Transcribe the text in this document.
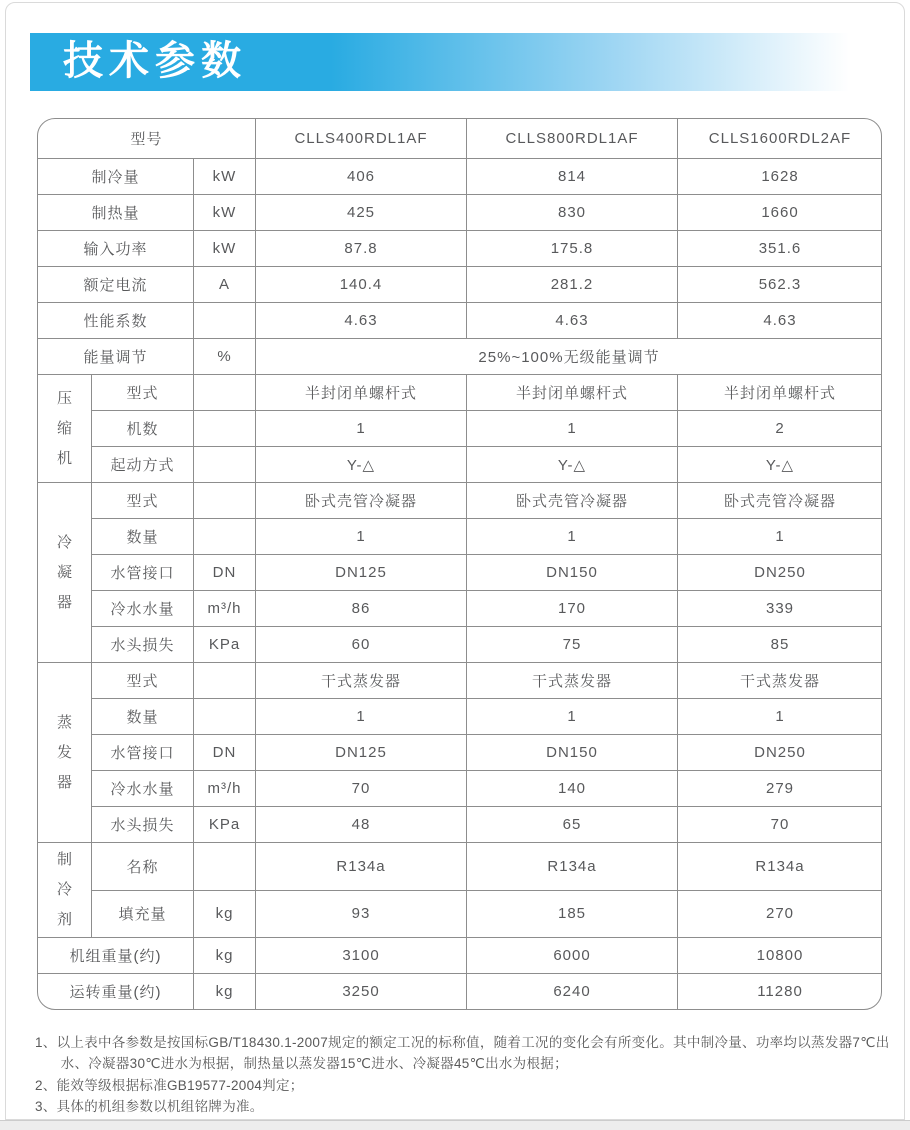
技术参数
型号			CLLS400RDL1AF	CLLS800RDL1AF	CLLS1600RDL2AF
制冷量		kW	406	814	1628
制热量		kW	425	830	1660
输入功率		kW	87.8	175.8	351.6
额定电流		A	140.4	281.2	562.3
性能系数			4.63	4.63	4.63
能量调节		%	25%~100%无级能量调节		

压缩机	型式		半封闭单螺杆式	半封闭单螺杆式	半封闭单螺杆式
	机数		1	1	2
	起动方式		Y-△	Y-△	Y-△

冷凝器	型式		卧式壳管冷凝器	卧式壳管冷凝器	卧式壳管冷凝器
	数量		1	1	1
	水管接口	DN	DN125	DN150	DN250
	冷水水量	m³/h	86	170	339
	水头损失	KPa	60	75	85

蒸发器	型式		干式蒸发器	干式蒸发器	干式蒸发器
	数量		1	1	1
	水管接口	DN	DN125	DN150	DN250
	冷水水量	m³/h	70	140	279
	水头损失	KPa	48	65	70

制冷剂	名称		R134a	R134a	R134a
	填充量	kg	93	185	270
机组重量(约)		kg	3100	6000	10800
运转重量(约)		kg	3250	6240	11280
1、以上表中各参数是按国标GB/T18430.1-2007规定的额定工况的标称值，随着工况的变化会有所变化。其中制冷量、功率均以蒸发器7℃出水、冷凝器30℃进水为根据，制热量以蒸发器15℃进水、冷凝器45℃出水为根据；
2、能效等级根据标准GB19577-2004判定；
3、具体的机组参数以机组铭牌为准。
